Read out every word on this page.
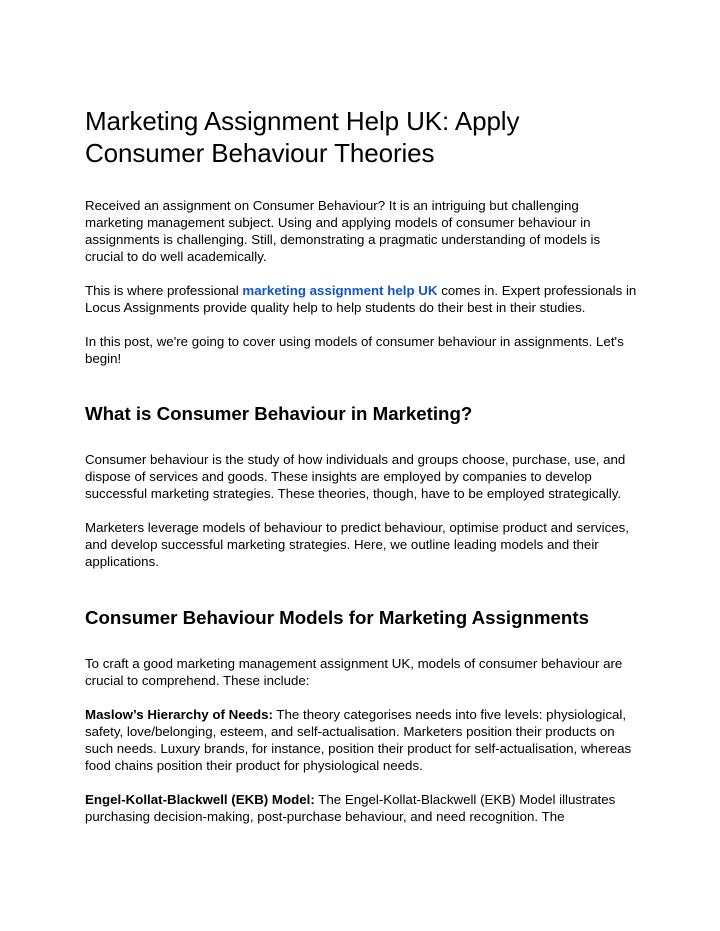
Marketing Assignment Help UK: Apply Consumer Behaviour Theories

Received an assignment on Consumer Behaviour? It is an intriguing but challenging marketing management subject. Using and applying models of consumer behaviour in assignments is challenging. Still, demonstrating a pragmatic understanding of models is crucial to do well academically.

This is where professional marketing assignment help UK comes in. Expert professionals in Locus Assignments provide quality help to help students do their best in their studies.

In this post, we're going to cover using models of consumer behaviour in assignments. Let's begin!

What is Consumer Behaviour in Marketing?

Consumer behaviour is the study of how individuals and groups choose, purchase, use, and dispose of services and goods. These insights are employed by companies to develop successful marketing strategies. These theories, though, have to be employed strategically.

Marketers leverage models of behaviour to predict behaviour, optimise product and services, and develop successful marketing strategies. Here, we outline leading models and their applications.

Consumer Behaviour Models for Marketing Assignments

To craft a good marketing management assignment UK, models of consumer behaviour are crucial to comprehend. These include:

Maslow’s Hierarchy of Needs: The theory categorises needs into five levels: physiological, safety, love/belonging, esteem, and self-actualisation. Marketers position their products on such needs. Luxury brands, for instance, position their product for self-actualisation, whereas food chains position their product for physiological needs.

Engel-Kollat-Blackwell (EKB) Model: The Engel-Kollat-Blackwell (EKB) Model illustrates purchasing decision-making, post-purchase behaviour, and need recognition. The
